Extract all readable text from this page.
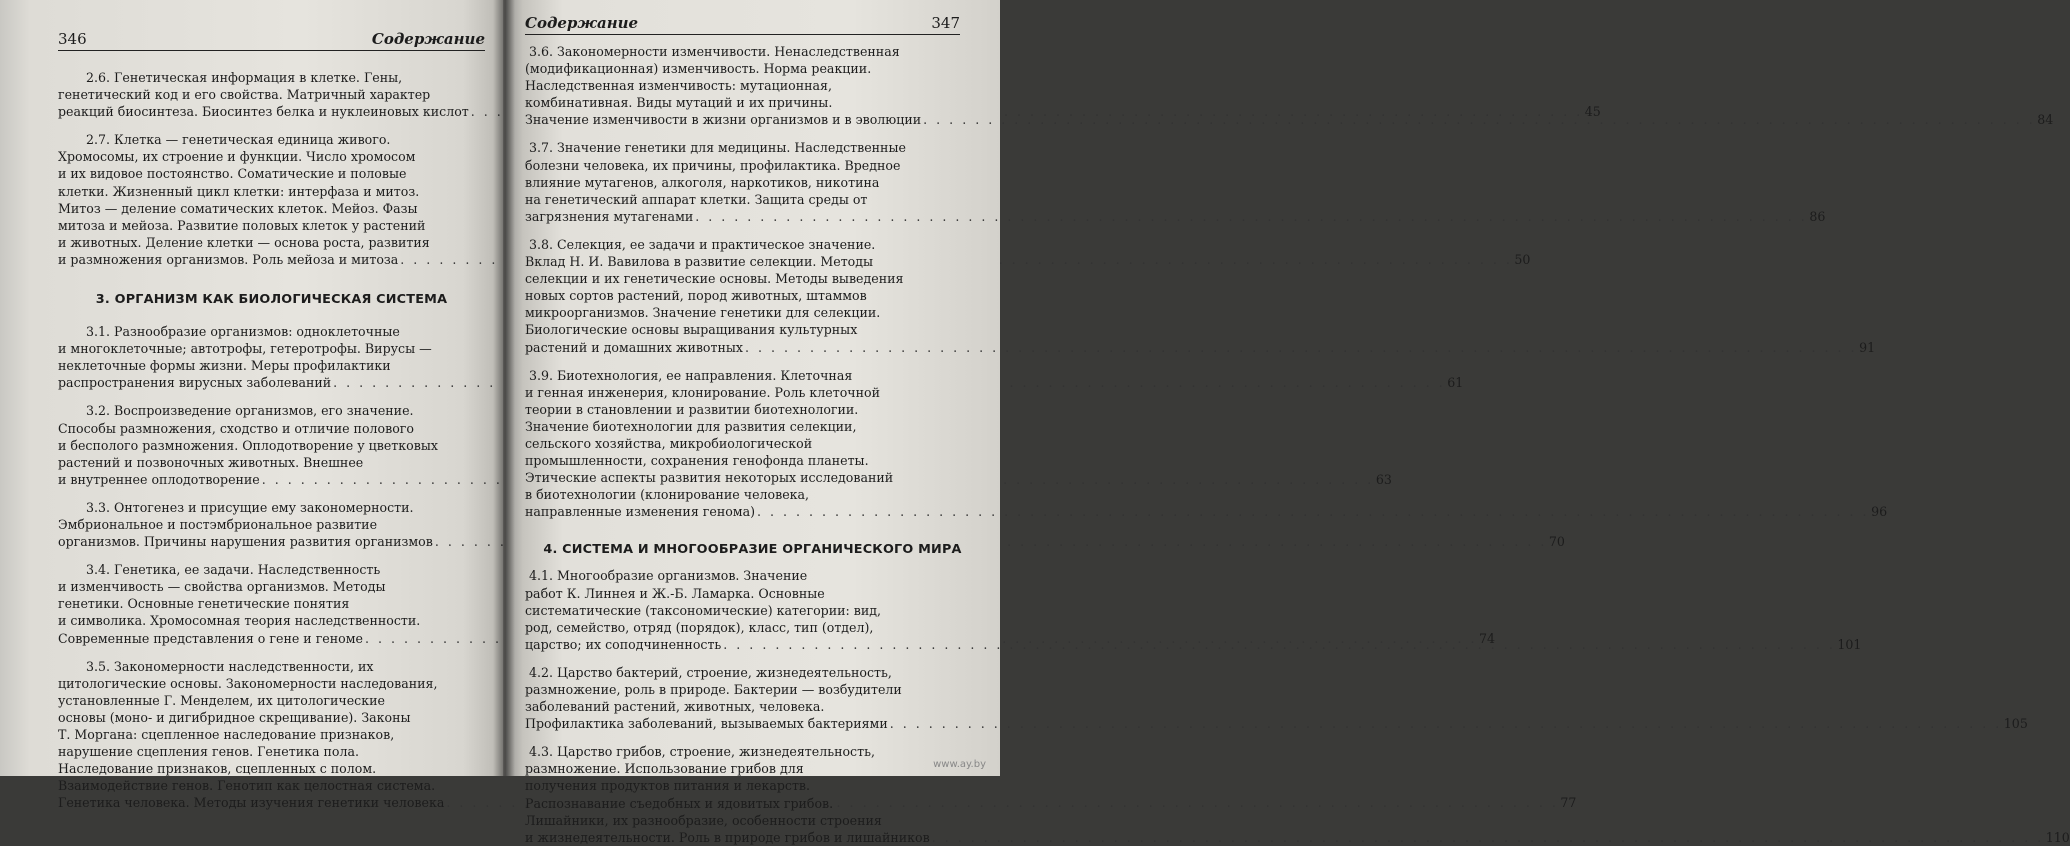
346	Содержание
2.6. Генетическая информация в клетке. Гены,
генетический код и его свойства. Матричный характер
реакций биосинтеза. Биосинтез белка и нуклеиновых кислот . . .	45
2.7. Клетка — генетическая единица живого.
Хромосомы, их строение и функции. Число хромосом
и их видовое постоянство. Соматические и половые
клетки. Жизненный цикл клетки: интерфаза и митоз.
Митоз — деление соматических клеток. Мейоз. Фазы
митоза и мейоза. Развитие половых клеток у растений
и животных. Деление клетки — основа роста, развития
и размножения организмов. Роль мейоза и митоза . . .	50
3. ОРГАНИЗМ КАК БИОЛОГИЧЕСКАЯ СИСТЕМА
3.1. Разнообразие организмов: одноклеточные
и многоклеточные; автотрофы, гетеротрофы. Вирусы —
неклеточные формы жизни. Меры профилактики
распространения вирусных заболеваний . . .	61
3.2. Воспроизведение организмов, его значение.
Способы размножения, сходство и отличие полового
и бесполого размножения. Оплодотворение у цветковых
растений и позвоночных животных. Внешнее
и внутреннее оплодотворение . . .	63
3.3. Онтогенез и присущие ему закономерности.
Эмбриональное и постэмбриональное развитие
организмов. Причины нарушения развития организмов . . .	70
3.4. Генетика, ее задачи. Наследственность
и изменчивость — свойства организмов. Методы
генетики. Основные генетические понятия
и символика. Хромосомная теория наследственности.
Современные представления о гене и геноме . . .	74
3.5. Закономерности наследственности, их
цитологические основы. Закономерности наследования,
установленные Г. Менделем, их цитологические
основы (моно- и дигибридное скрещивание). Законы
Т. Моргана: сцепленное наследование признаков,
нарушение сцепления генов. Генетика пола.
Наследование признаков, сцепленных с полом.
Взаимодействие генов. Генотип как целостная система.
Генетика человека. Методы изучения генетики человека . . .	77
Содержание	347
3.6. Закономерности изменчивости. Ненаследственная
(модификационная) изменчивость. Норма реакции.
Наследственная изменчивость: мутационная,
комбинативная. Виды мутаций и их причины.
Значение изменчивости в жизни организмов и в эволюции . . .	84
3.7. Значение генетики для медицины. Наследственные
болезни человека, их причины, профилактика. Вредное
влияние мутагенов, алкоголя, наркотиков, никотина
на генетический аппарат клетки. Защита среды от
загрязнения мутагенами . . .	86
3.8. Селекция, ее задачи и практическое значение.
Вклад Н. И. Вавилова в развитие селекции. Методы
селекции и их генетические основы. Методы выведения
новых сортов растений, пород животных, штаммов
микроорганизмов. Значение генетики для селекции.
Биологические основы выращивания культурных
растений и домашних животных . . .	91
3.9. Биотехнология, ее направления. Клеточная
и генная инженерия, клонирование. Роль клеточной
теории в становлении и развитии биотехнологии.
Значение биотехнологии для развития селекции,
сельского хозяйства, микробиологической
промышленности, сохранения генофонда планеты.
Этические аспекты развития некоторых исследований
в биотехнологии (клонирование человека,
направленные изменения генома) . . .	96
4. СИСТЕМА И МНОГООБРАЗИЕ ОРГАНИЧЕСКОГО МИРА
4.1. Многообразие организмов. Значение
работ К. Линнея и Ж.-Б. Ламарка. Основные
систематические (таксономические) категории: вид,
род, семейство, отряд (порядок), класс, тип (отдел),
царство; их соподчиненность . . .	101
4.2. Царство бактерий, строение, жизнедеятельность,
размножение, роль в природе. Бактерии — возбудители
заболеваний растений, животных, человека.
Профилактика заболеваний, вызываемых бактериями . . .	105
4.3. Царство грибов, строение, жизнедеятельность,
размножение. Использование грибов для
получения продуктов питания и лекарств.
Распознавание съедобных и ядовитых грибов.
Лишайники, их разнообразие, особенности строения
и жизнедеятельности. Роль в природе грибов и лишайников . . .	110
www.ay.by
